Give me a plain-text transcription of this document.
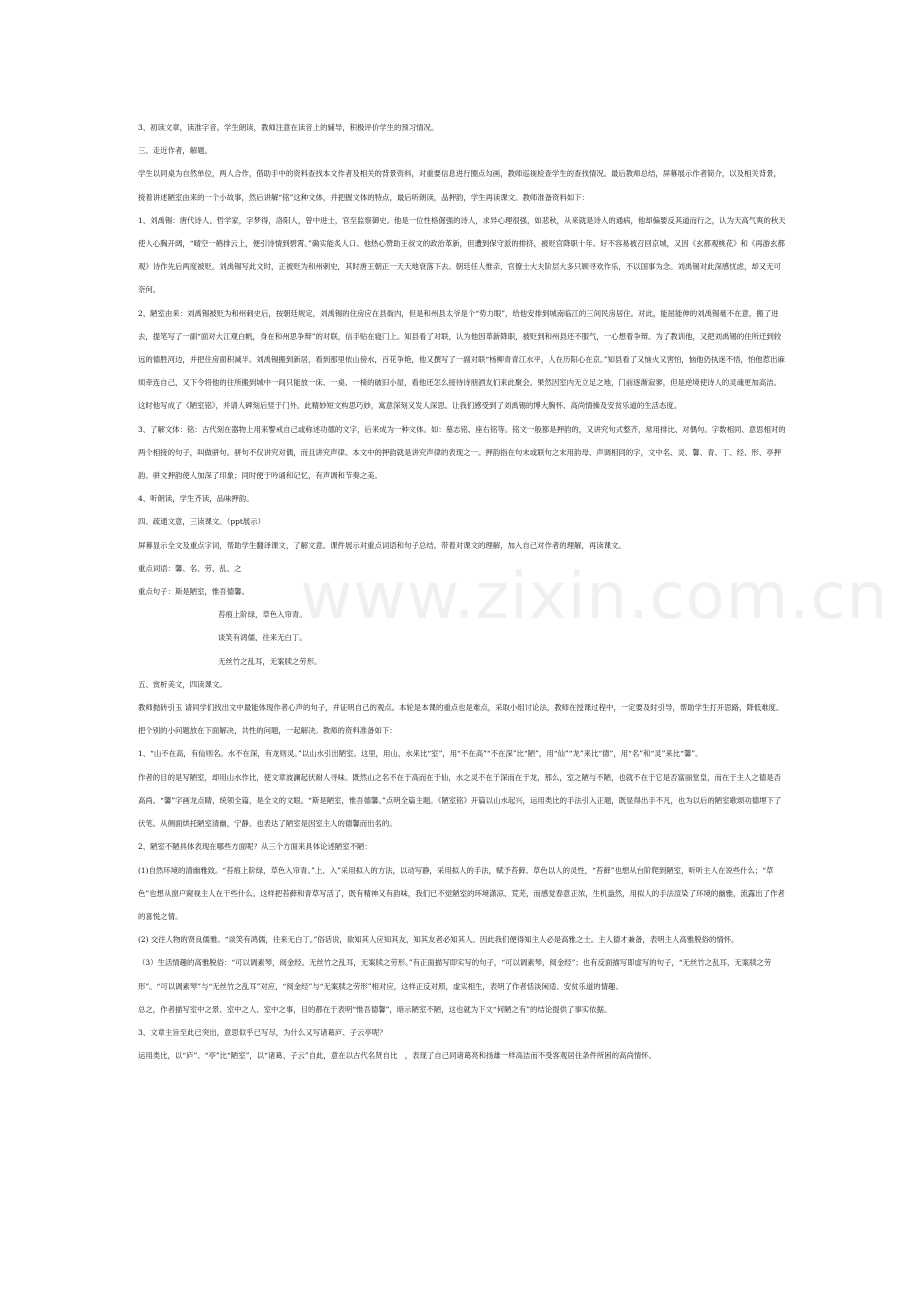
www.zixin.com.cn

3、初读文章，读准字音。学生朗读，教师注意在读音上的辅导，积极评价学生的预习情况。

三、走近作者，解题。

学生以同桌为自然单位，两人合作，借助手中的资料查找本文作者及相关的背景资料，对重要信息进行圈点勾画，教师巡视检查学生的查找情况。最后教师总结，屏幕展示作者简介，以及相关背景，接着讲述陋室由来的一个小故事，然后讲解“铭”这种文体，并把握文体的特点，最后听朗读，品押韵，学生再读课文。教师准备资料如下：

1、刘禹锡：唐代诗人、哲学家，字梦得，洛阳人，曾中进士，官至监察御史。他是一位性格倔强的诗人，求异心理很强，如悲秋，从来就是诗人的通病，他却偏要反其道而行之，认为天高气爽的秋天使人心胸开阔，“晴空一鹤排云上，便引诗情到碧霄。”确实能炙人口。他热心赞助王叔文的政治革新，但遭到保守派的排挤，被贬官降职十年。好不容易被召回京城，又因《玄都观桃花》和《再游玄都观》诗作先后两度被贬。刘禹锡写此文时，正被贬为和州刺史，其时唐王朝正一天天地衰落下去。朝廷任人惟亲，官僚士大夫阶层大多只顾寻欢作乐，不以国事为念。刘禹锡对此深感忧虑，却又无可奈何。

2、陋室由来：刘禹锡被贬为和州刺史后，按朝廷规定，刘禹锡的住房应在县衙内，但是和州县太爷是个“势力眼”，给他安排到城南临江的三间民房居住。对此，能屈能伸的刘禹锡毫不在意，搬了进去，提笔写了一副“面对大江观白帆，身在和州思争辩”的对联，信手贴在寝门上。知县看了对联，认为他因革新降职，被贬到和州县还不服气，一心想着争辩。为了教训他，又把刘禹锡的住所迁到较远的德胜河边，并把住房面积减半。刘禹锡搬到新居，看到那里依山傍水，百花争艳，他又撰写了一副对联“杨柳青青江水平，人在历阳心在京。”知县看了又恼火又害怕，恼他仍执迷不悟，怕他惹出麻烦牵连自己，又下令将他的住所搬到城中一间只能放一床、一桌、一椅的破旧小屋，看他还怎么接待诗朋酒友们来此聚会。果然因室内无立足之地，门前逐渐寂寥，但是逆境使诗人的灵魂更加高洁。这时他写成了《陋室铭》，并请人碑刻后竖于门外。此精妙短文构思巧妙，寓意深刻又发人深思。让我们感受到了刘禹锡的博大胸怀、高尚情操及安贫乐道的生活态度。

3、了解文体：铭：古代刻在器物上用来警戒自己或称述功德的文字，后来成为一种文体。如：墓志铭、座右铭等。铭文一般都是押韵的，又讲究句式整齐，常用排比、对偶句。字数相同、意思相对的两个相接的句子，叫做骈句。骈句不仅讲究对偶，而且讲究声律。本文中的押韵就是讲究声律的表现之一。押韵指在句末或联句之末用韵母、声调相同的字，文中名、灵、馨、青、丁、经、形、亭押韵。骈文押韵使人加深了印象；同时便于吟诵和记忆，有声调和节奏之美。

4、听朗读，学生齐读，品味押韵。

四、疏通文意，三读课文。（ppt展示）

屏幕显示全文及重点字词，帮助学生翻译课文，了解文意。课件展示对重点词语和句子总结。带着对课文的理解，加入自己对作者的理解，再读课文。

重点词语：馨、名、劳、乱、之

重点句子：斯是陋室，惟吾德馨。

苔痕上阶绿，草色入帘青。

谈笑有鸿儒，往来无白丁。

无丝竹之乱耳，无案牍之劳形。

五、赏析美文，四读课文。

教师抛砖引玉 请同学们找出文中最能体现作者心声的句子，并证明自己的观点。本轮是本课的重点也是难点，采取小组讨论法，教师在授课过程中，一定要及时引导，帮助学生打开思路，降低难度。把个别的小问题放在下面解决，共性的问题，一起解决。教师的资料准备如下：

1、“山不在高，有仙则名。水不在深，有龙则灵。”以山水引出陋室。这里，用山、水来比“室”，用“不在高”“不在深”比“陋”，用“仙”“龙”来比“德”，用“名”和“灵”来比“馨”。

作者的目的是写陋室，却用山水作比，使文章波澜起伏耐人寻味。既然山之名不在于高而在于仙，水之灵不在于深而在于龙，那么，室之陋与不陋，也就不在于它是否富丽堂皇，而在于主人之德是否高尚。“馨”字画龙点睛，统领全篇，是全文的文眼。“斯是陋室，惟吾德馨。”点明全篇主题。《陋室铭》开篇以山水起兴，运用类比的手法引入正题，既显得出手不凡，也为以后的陋室歌颂功德埋下了伏笔。从侧面烘托陋室清幽，宁静。也表达了陋室是因室主人的德馨而出名的。

2、陋室不陋具体表现在哪些方面呢？从三个方面来具体论述陋室不陋：

(1)自然环境的清幽雅致。“苔痕上阶绿，草色入帘青。”上、入”采用拟人的方法，以动写静，采用拟人的手法，赋予苔藓、草色以人的灵性，“苔藓”也想从台阶爬到陋室，听听主人在说些什么；“草色”也想从窗户窥视主人在干些什么。这样把苔藓和青草写活了，既有精神又有韵味，我们已不觉陋室的环境潇凉、荒芜，而感觉春意正浓，生机盎然，用拟人的手法渲染了环境的幽雅，流露出了作者的喜悦之情。

(2) 交往人物的贤良儒雅。“谈笑有鸿儒，往来无白丁。”俗话说，欲知其人应知其友，知其友者必知其人。因此我们便得知主人必是高雅之士。主人德才兼备，表明主人高雅脱俗的情怀。

（3）生活情趣的高雅脱俗：“可以调素琴，阅金经。无丝竹之乱耳，无案牍之劳形。”有正面描写即实写的句子，“可以调素琴，阅金经”；也有反面描写即虚写的句子，“无丝竹之乱耳，无案牍之劳形”。“可以调素琴”与“无丝竹之乱耳”对应，“阅金经”与“无案牍之劳形”相对应，这样正反对照，虚实相生，表明了作者恬淡闲适、安贫乐道的情趣。

总之，作者描写室中之景、室中之人、室中之事，目的都在于表明“惟吾德馨”，暗示陋室不陋，这也就为下文“何陋之有”的结论提供了事实依据。

3、文章主旨至此已突出，意思似乎已写尽，为什么又写诸葛庐、子云亭呢？

运用类比，以“庐”、“亭”比“陋室”，以“诸葛、子云”自此，意在以古代名贤自比　，表现了自己同诸葛亮和扬雄一样高洁而不受客观居住条件所困的高尚情怀。
